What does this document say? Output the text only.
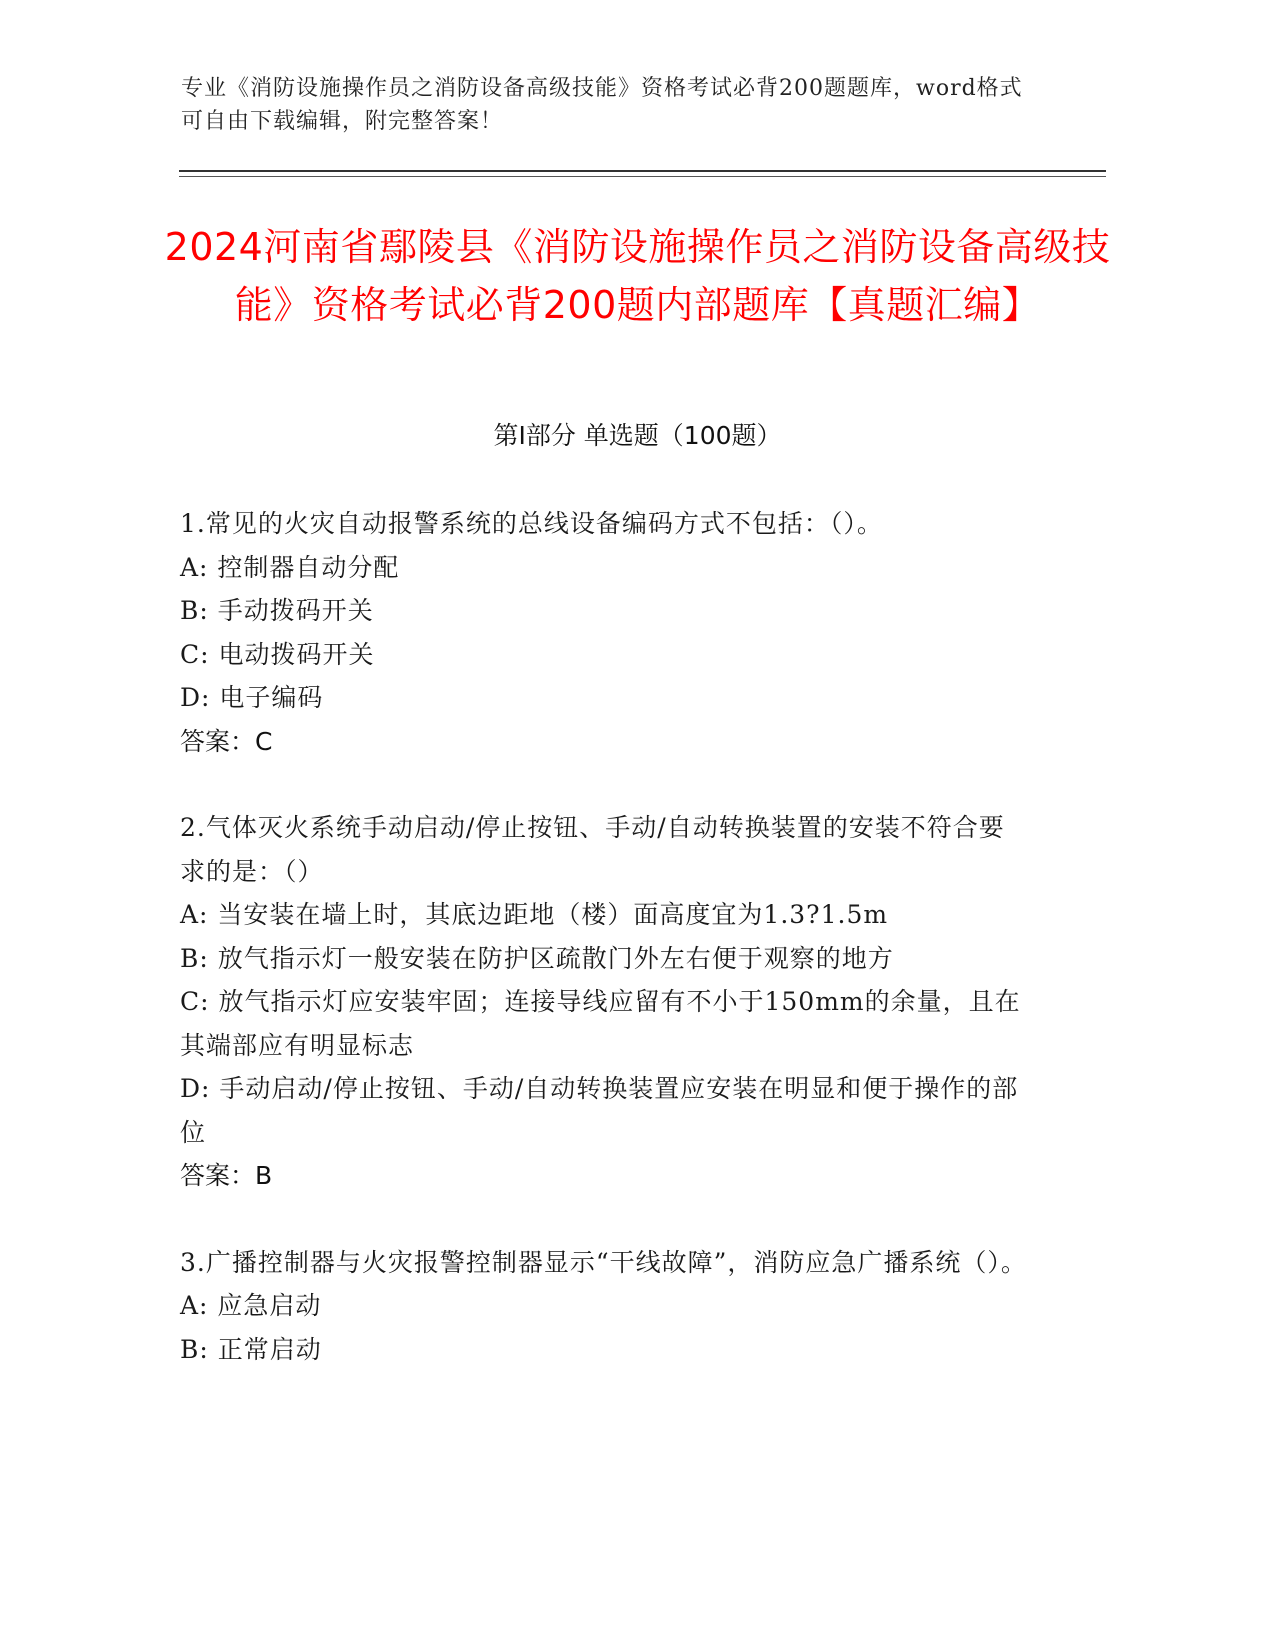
专业《消防设施操作员之消防设备高级技能》资格考试必背200题题库，word格式可自由下载编辑，附完整答案！
2024河南省鄢陵县《消防设施操作员之消防设备高级技能》资格考试必背200题内部题库【真题汇编】
第I部分 单选题（100题）
1.常见的火灾自动报警系统的总线设备编码方式不包括：（）。
A: 控制器自动分配
B: 手动拨码开关
C: 电动拨码开关
D: 电子编码
答案：C
2.气体灭火系统手动启动/停止按钮、手动/自动转换装置的安装不符合要求的是：（）
A: 当安装在墙上时，其底边距地（楼）面高度宜为1.3?1.5m
B: 放气指示灯一般安装在防护区疏散门外左右便于观察的地方
C: 放气指示灯应安装牢固；连接导线应留有不小于150mm的余量，且在其端部应有明显标志
D: 手动启动/停止按钮、手动/自动转换装置应安装在明显和便于操作的部位
答案：B
3.广播控制器与火灾报警控制器显示“干线故障”，消防应急广播系统（）。
A: 应急启动
B: 正常启动
